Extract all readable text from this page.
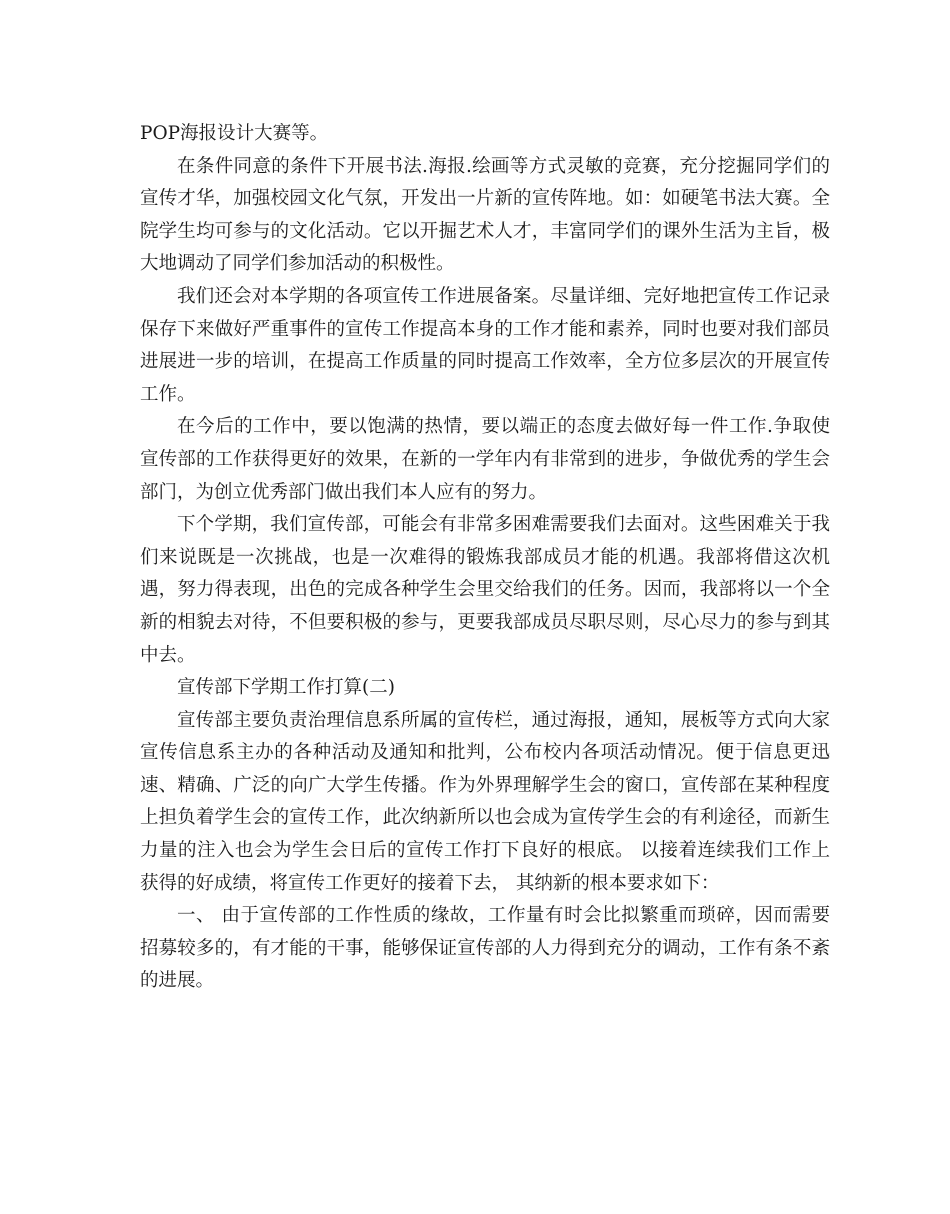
POP海报设计大赛等。

在条件同意的条件下开展书法.海报.绘画等方式灵敏的竞赛，充分挖掘同学们的宣传才华，加强校园文化气氛，开发出一片新的宣传阵地。如：如硬笔书法大赛。全院学生均可参与的文化活动。它以开掘艺术人才，丰富同学们的课外生活为主旨，极大地调动了同学们参加活动的积极性。

我们还会对本学期的各项宣传工作进展备案。尽量详细、完好地把宣传工作记录保存下来做好严重事件的宣传工作提高本身的工作才能和素养，同时也要对我们部员进展进一步的培训，在提高工作质量的同时提高工作效率，全方位多层次的开展宣传工作。

在今后的工作中，要以饱满的热情，要以端正的态度去做好每一件工作.争取使宣传部的工作获得更好的效果，在新的一学年内有非常到的进步，争做优秀的学生会部门，为创立优秀部门做出我们本人应有的努力。

下个学期，我们宣传部，可能会有非常多困难需要我们去面对。这些困难关于我们来说既是一次挑战，也是一次难得的锻炼我部成员才能的机遇。我部将借这次机遇，努力得表现，出色的完成各种学生会里交给我们的任务。因而，我部将以一个全新的相貌去对待，不但要积极的参与，更要我部成员尽职尽则，尽心尽力的参与到其中去。

宣传部下学期工作打算(二)

宣传部主要负责治理信息系所属的宣传栏，通过海报，通知，展板等方式向大家宣传信息系主办的各种活动及通知和批判，公布校内各项活动情况。便于信息更迅速、精确、广泛的向广大学生传播。作为外界理解学生会的窗口，宣传部在某种程度上担负着学生会的宣传工作，此次纳新所以也会成为宣传学生会的有利途径，而新生力量的注入也会为学生会日后的宣传工作打下良好的根底。 以接着连续我们工作上获得的好成绩，将宣传工作更好的接着下去， 其纳新的根本要求如下：

一、 由于宣传部的工作性质的缘故，工作量有时会比拟繁重而琐碎，因而需要招募较多的，有才能的干事，能够保证宣传部的人力得到充分的调动，工作有条不紊的进展。
